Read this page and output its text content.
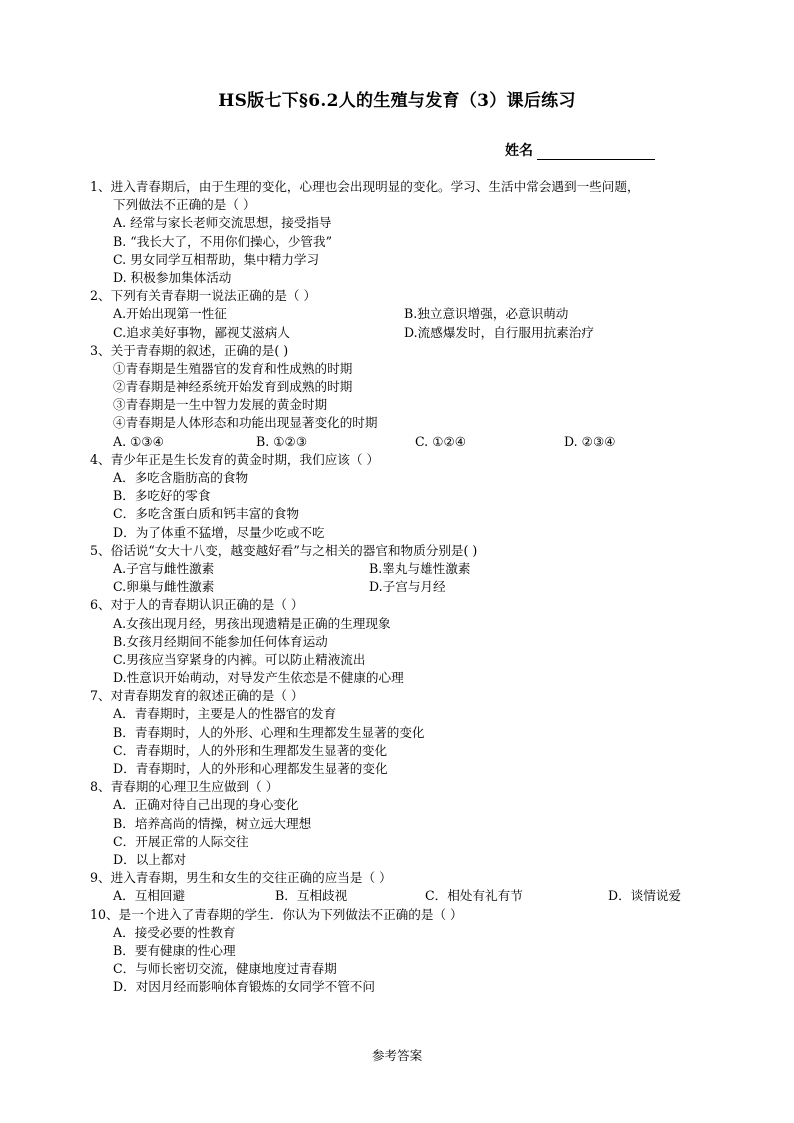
HS版七下§6.2人的生殖与发育（3）课后练习
姓名
1、进入青春期后，由于生理的变化，心理也会出现明显的变化。学习、生活中常会遇到一些问题，
下列做法不正确的是（ ）
A. 经常与家长老师交流思想，接受指导
B. “我长大了，不用你们操心，少管我”
C. 男女同学互相帮助，集中精力学习
D. 积极参加集体活动
2、下列有关青春期一说法正确的是（ ）
A.开始出现第一性征	B.独立意识增强，必意识萌动
C.追求美好事物，鄙视艾滋病人	D.流感爆发时，自行服用抗素治疗
3、关于青春期的叙述，正确的是( )
①青春期是生殖器官的发育和性成熟的时期
②青春期是神经系统开始发育到成熟的时期
③青春期是一生中智力发展的黄金时期
④青春期是人体形态和功能出现显著变化的时期
A. ①③④	B. ①②③	C. ①②④	D. ②③④
4、青少年正是生长发育的黄金时期，我们应该（ ）
A．多吃含脂肪高的食物
B．多吃好的零食
C．多吃含蛋白质和钙丰富的食物
D．为了体重不猛增，尽量少吃或不吃
5、俗话说“女大十八变，越变越好看”与之相关的器官和物质分别是( )
A.子宫与雌性激素	B.睾丸与雄性激素
C.卵巢与雌性激素	D.子宫与月经
6、对于人的青春期认识正确的是（ ）
A.女孩出现月经，男孩出现遗精是正确的生理现象
B.女孩月经期间不能参加任何体育运动
C.男孩应当穿紧身的内裤。可以防止精液流出
D.性意识开始萌动，对导发产生依恋是不健康的心理
7、对青春期发育的叙述正确的是（ ）
A．青春期时，主要是人的性器官的发育
B．青春期时，人的外形、心理和生理都发生显著的变化
C．青春期时，人的外形和生理都发生显著的变化
D．青春期时，人的外形和心理都发生显著的变化
8、青春期的心理卫生应做到（ ）
A．正确对待自己出现的身心变化
B．培养高尚的情操，树立远大理想
C．开展正常的人际交往
D．以上都对
9、进入青春期，男生和女生的交往正确的应当是（ ）
A．互相回避	B．互相歧视	C．相处有礼有节	D．谈情说爱
10、是一个进入了青春期的学生．你认为下列做法不正确的是（ ）
A．接受必要的性教育
B．要有健康的性心理
C．与师长密切交流，健康地度过青春期
D．对因月经而影响体育锻炼的女同学不管不问
参考答案
